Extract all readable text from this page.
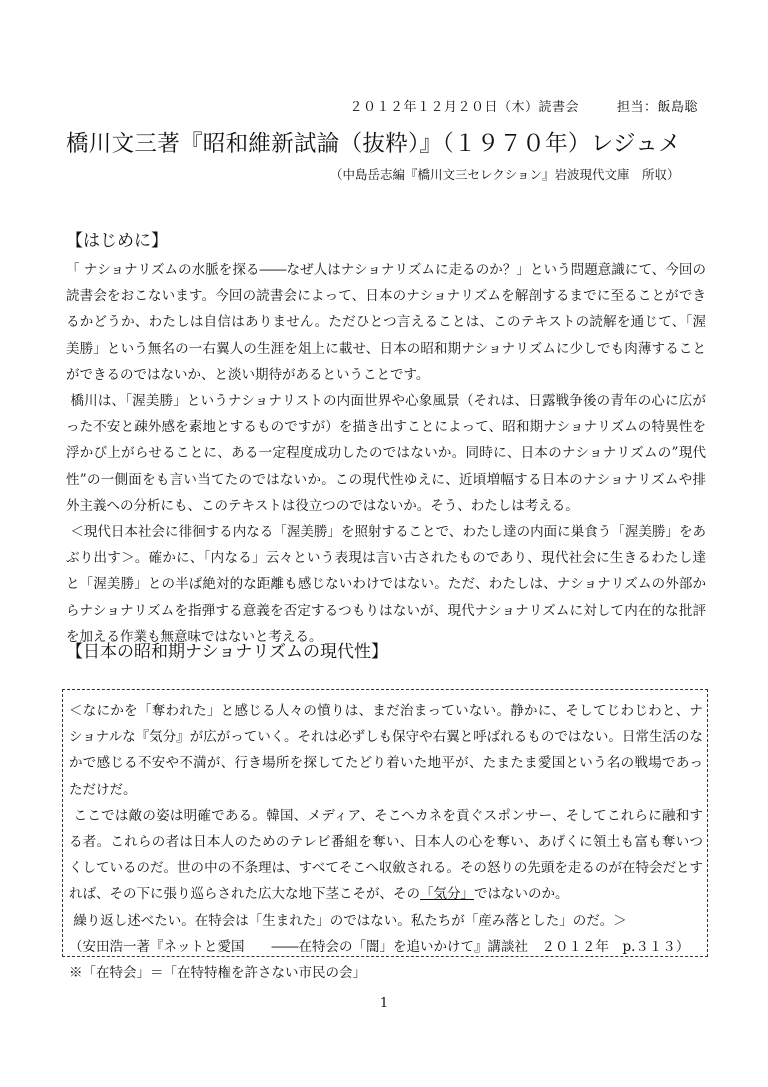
２０１２年１２月２０日（木）読書会	担当：飯島聡
橋川文三著『昭和維新試論（抜粋）』（１９７０年）レジュメ
（中島岳志編『橋川文三セレクション』岩波現代文庫　所収）
【はじめに】

「 ナショナリズムの水脈を探る――なぜ人はナショナリズムに走るのか？」という問題意識にて、今回の読書会をおこないます。今回の読書会によって、日本のナショナリズムを解剖するまでに至ることができるかどうか、わたしは自信はありません。ただひとつ言えることは、このテキストの読解を通じて、「渥美勝」という無名の一右翼人の生涯を俎上に載せ、日本の昭和期ナショナリズムに少しでも肉薄することができるのではないか、と淡い期待があるということです。

橋川は、「渥美勝」というナショナリストの内面世界や心象風景（それは、日露戦争後の青年の心に広がった不安と疎外感を素地とするものですが）を描き出すことによって、昭和期ナショナリズムの特異性を浮かび上がらせることに、ある一定程度成功したのではないか。同時に、日本のナショナリズムの”現代性”の一側面をも言い当てたのではないか。この現代性ゆえに、近頃増幅する日本のナショナリズムや排外主義への分析にも、このテキストは役立つのではないか。そう、わたしは考える。

＜現代日本社会に徘徊する内なる「渥美勝」を照射することで、わたし達の内面に巣食う「渥美勝」をあぶり出す＞。確かに、「内なる」云々という表現は言い古されたものであり、現代社会に生きるわたし達と「渥美勝」との半ば絶対的な距離も感じないわけではない。ただ、わたしは、ナショナリズムの外部からナショナリズムを指弾する意義を否定するつもりはないが、現代ナショナリズムに対して内在的な批評を加える作業も無意味ではないと考える。

【日本の昭和期ナショナリズムの現代性】

＜なにかを「奪われた」と感じる人々の憤りは、まだ治まっていない。静かに、そしてじわじわと、ナショナルな『気分』が広がっていく。それは必ずしも保守や右翼と呼ばれるものではない。日常生活のなかで感じる不安や不満が、行き場所を探してたどり着いた地平が、たまたま愛国という名の戦場であっただけだ。

ここでは敵の姿は明確である。韓国、メディア、そこへカネを貢ぐスポンサー、そしてこれらに融和する者。これらの者は日本人のためのテレビ番組を奪い、日本人の心を奪い、あげくに領土も富も奪いつくしているのだ。世の中の不条理は、すべてそこへ収斂される。その怒りの先頭を走るのが在特会だとすれば、その下に張り巡らされた広大な地下茎こそが、その「気分」ではないのか。

繰り返し述べたい。在特会は「生まれた」のではない。私たちが「産み落とした」のだ。＞

（安田浩一著『ネットと愛国　　――在特会の「闇」を追いかけて』講談社　２０１２年　p.３１３）

※「在特会」＝「在特特権を許さない市民の会」

1
